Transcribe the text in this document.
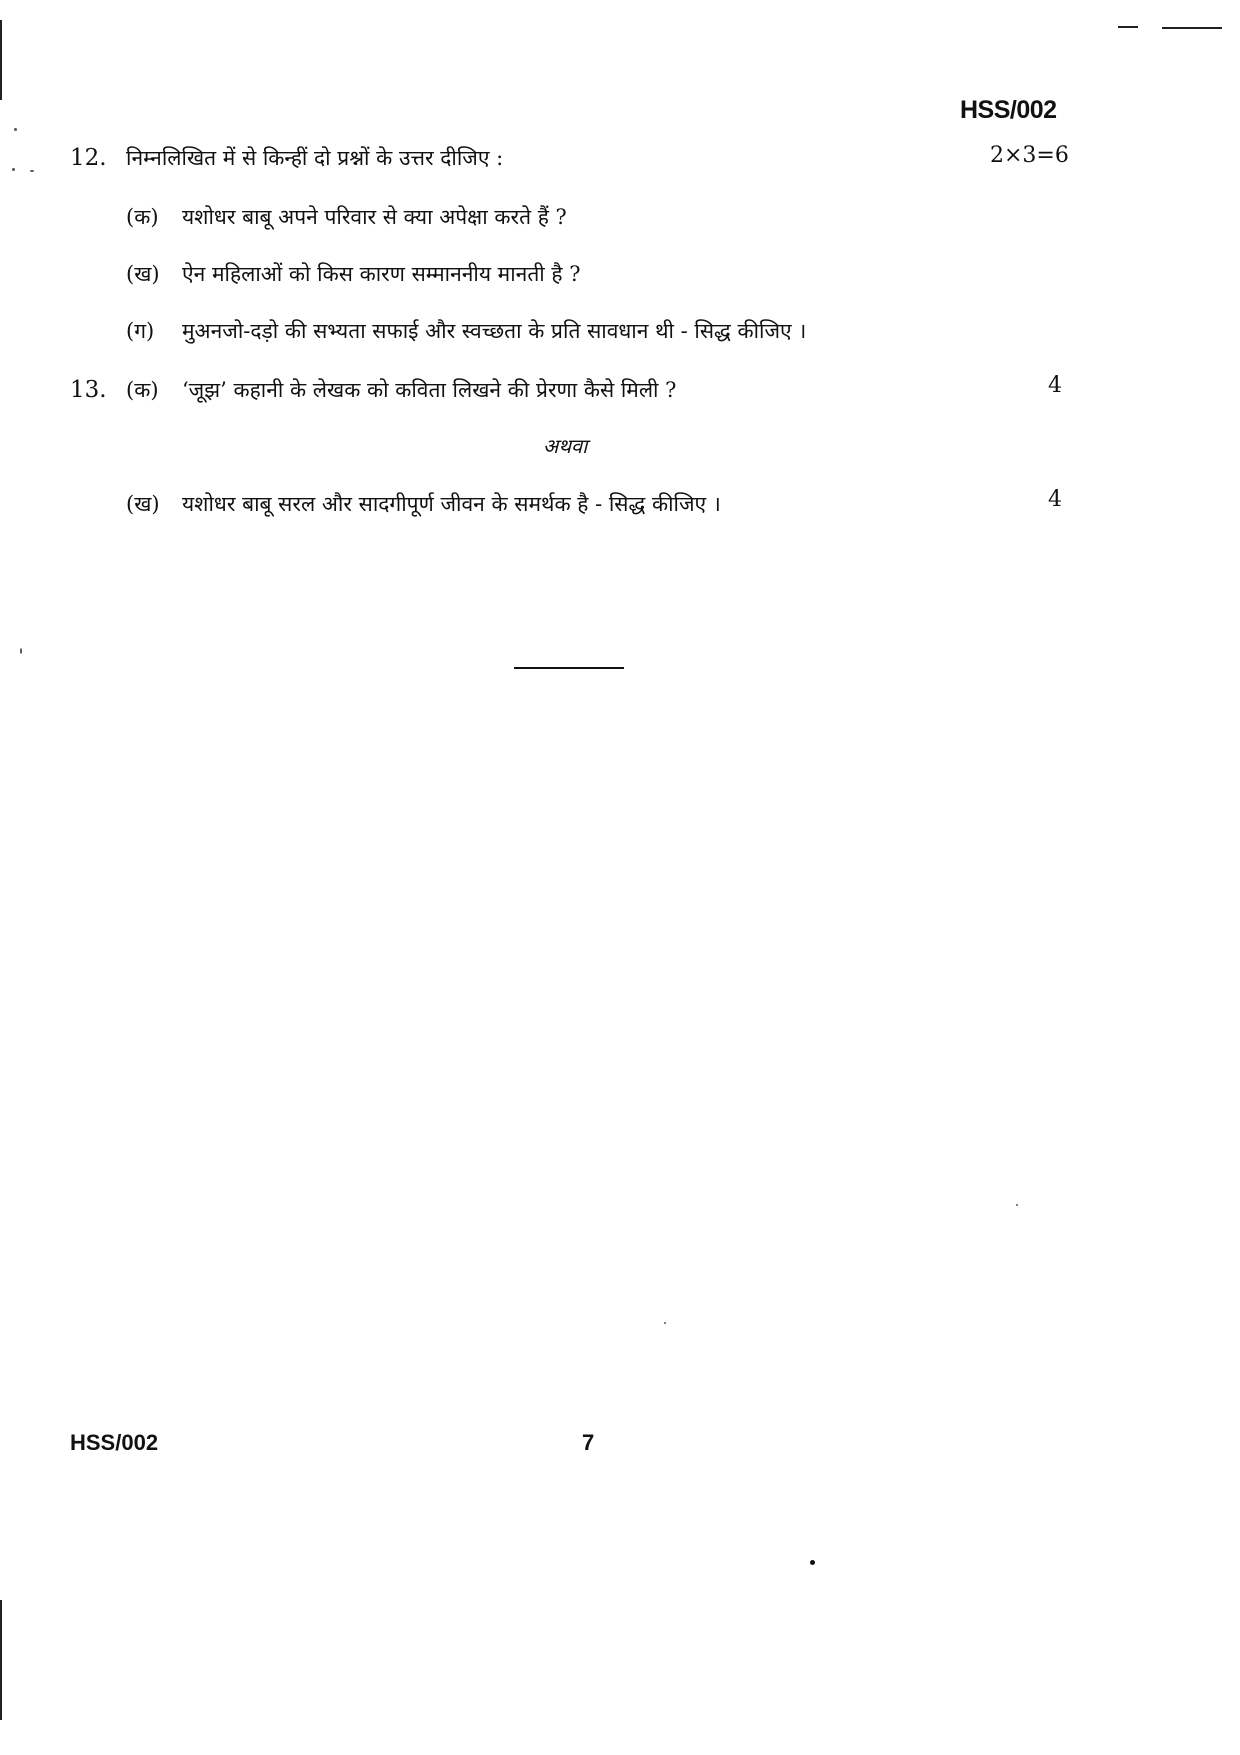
HSS/002
12. निम्नलिखित में से किन्हीं दो प्रश्नों के उत्तर दीजिए :	2×3=6
(क) यशोधर बाबू अपने परिवार से क्या अपेक्षा करते हैं ?
(ख) ऐन महिलाओं को किस कारण सम्माननीय मानती है ?
(ग) मुअनजो-दड़ो की सभ्यता सफाई और स्वच्छता के प्रति सावधान थी - सिद्ध कीजिए ।
13. (क) ‘जूझ’ कहानी के लेखक को कविता लिखने की प्रेरणा कैसे मिली ?	4
अथवा
(ख) यशोधर बाबू सरल और सादगीपूर्ण जीवन के समर्थक है - सिद्ध कीजिए ।	4
HSS/002	7
